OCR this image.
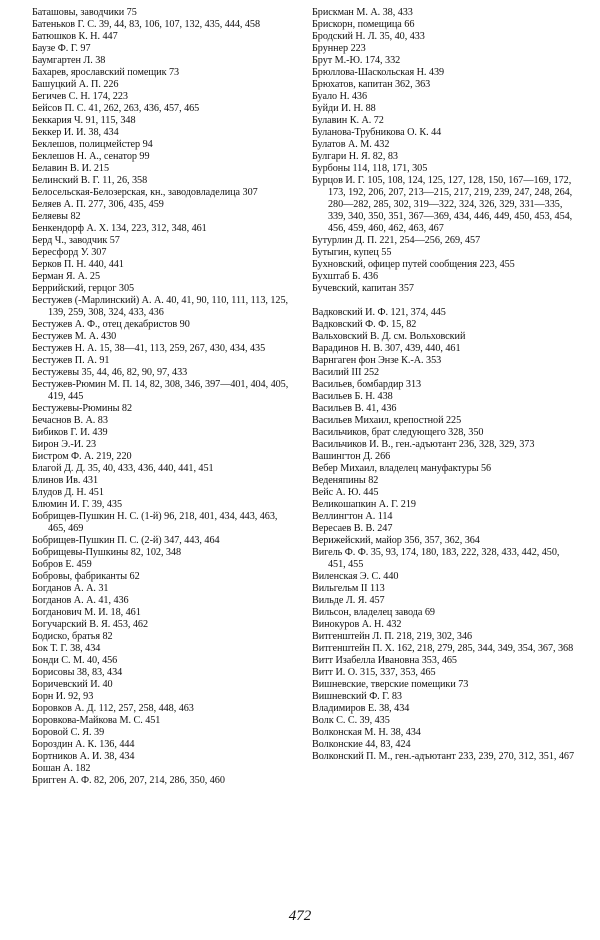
Баташовы, заводчики 75
Батеньков Г. С. 39, 44, 83, 106, 107, 132, 435, 444, 458
Батюшков К. Н. 447
Баузе Ф. Г. 97
Баумгартен Л. 38
Бахарев, ярославский помещик 73
Башуцкий А. П. 226
Бегичев С. Н. 174, 223
Бейсов П. С. 41, 262, 263, 436, 457, 465
Беккария Ч. 91, 115, 348
Беккер И. И. 38, 434
Беклешов, полицмейстер 94
Беклешов Н. А., сенатор 99
Белавин В. И. 215
Белинский В. Г. 11, 26, 358
Белосельская-Белозерская, кн., заводовладелица 307
Беляев А. П. 277, 306, 435, 459
Беляевы 82
Бенкендорф А. Х. 134, 223, 312, 348, 461
Берд Ч., заводчик 57
Бересфорд У. 307
Берков П. Н. 440, 441
Берман Я. А. 25
Беррийский, герцог 305
Бестужев (-Марлинский) А. А. 40, 41, 90, 110, 111, 113, 125, 139, 259, 308, 324, 433, 436
Бестужев А. Ф., отец декабристов 90
Бестужев М. А. 430
Бестужев Н. А. 15, 38—41, 113, 259, 267, 430, 434, 435
Бестужев П. А. 91
Бестужевы 35, 44, 46, 82, 90, 97, 433
Бестужев-Рюмин М. П. 14, 82, 308, 346, 397—401, 404, 405, 419, 445
Бестужевы-Рюмины 82
Бечаснов В. А. 83
Бибиков Г. И. 439
Бирон Э.-И. 23
Бистром Ф. А. 219, 220
Благой Д. Д. 35, 40, 433, 436, 440, 441, 451
Блинов Ив. 431
Блудов Д. Н. 451
Блюмин И. Г. 39, 435
Бобрищев-Пушкин Н. С. (1-й) 96, 218, 401, 434, 443, 463, 465, 469
Бобрищев-Пушкин П. С. (2-й) 347, 443, 464
Бобрищевы-Пушкины 82, 102, 348
Бобров Е. 459
Бобровы, фабриканты 62
Богданов А. А. 31
Богданов А. А. 41, 436
Богданович М. И. 18, 461
Богучарский В. Я. 453, 462
Бодиско, братья 82
Бок Т. Г. 38, 434
Бонди С. М. 40, 456
Борисовы 38, 83, 434
Боричевский И. 40
Борн И. 92, 93
Боровков А. Д. 112, 257, 258, 448, 463
Боровкова-Майкова М. С. 451
Боровой С. Я. 39
Бороздин А. К. 136, 444
Бортников А. И. 38, 434
Бошан А. 182
Бригген А. Ф. 82, 206, 207, 214, 286, 350, 460
Брискман М. А. 38, 433
Брискорн, помещица 66
Бродский Н. Л. 35, 40, 433
Бруннер 223
Брут М.-Ю. 174, 332
Брюллова-Шаскольская Н. 439
Брюхатов, капитан 362, 363
Буало Н. 436
Буйди И. Н. 88
Булавин К. А. 72
Буланова-Трубникова О. К. 44
Булатов А. М. 432
Булгари Н. Я. 82, 83
Бурбоны 114, 118, 171, 305
Бурцов И. Г. 105, 108, 124, 125, 127, 128, 150, 167—169, 172, 173, 192, 206, 207, 213—215, 217, 219, 239, 247, 248, 264, 280—282, 285, 302, 319—322, 324, 326, 329, 331—335, 339, 340, 350, 351, 367—369, 434, 446, 449, 450, 453, 454, 456, 459, 460, 462, 463, 467
Бутурлин Д. П. 221, 254—256, 269, 457
Бутыгин, купец 55
Бухновский, офицер путей сообщения 223, 455
Бухштаб Б. 436
Бучевский, капитан 357
Вадковский И. Ф. 121, 374, 445
Вадковский Ф. Ф. 15, 82
Вальховский В. Д. см. Вольховский
Варадинов Н. В. 307, 439, 440, 461
Варнгаген фон Энзе К.-А. 353
Василий III 252
Васильев, бомбардир 313
Васильев Б. Н. 438
Васильев В. 41, 436
Васильев Михаил, крепостной 225
Васильчиков, брат следующего 328, 350
Васильчиков И. В., ген.-адъютант 236, 328, 329, 373
Вашингтон Д. 266
Вебер Михаил, владелец мануфактуры 56
Веденяпины 82
Вейс А. Ю. 445
Великошапкин А. Г. 219
Веллингтон А. 114
Вересаев В. В. 247
Верижейский, майор 356, 357, 362, 364
Вигель Ф. Ф. 35, 93, 174, 180, 183, 222, 328, 433, 442, 450, 451, 455
Виленская Э. С. 440
Вильгельм II 113
Вильде Л. Я. 457
Вильсон, владелец завода 69
Винокуров А. Н. 432
Витгенштейн Л. П. 218, 219, 302, 346
Витгенштейн П. Х. 162, 218, 279, 285, 344, 349, 354, 367, 368
Витт Изабелла Ивановна 353, 465
Витт И. О. 315, 337, 353, 465
Вишневские, тверские помещики 73
Вишневский Ф. Г. 83
Владимиров Е. 38, 434
Волк С. С. 39, 435
Волконская М. Н. 38, 434
Волконские 44, 83, 424
Волконский П. М., ген.-адъютант 233, 239, 270, 312, 351, 467
472
